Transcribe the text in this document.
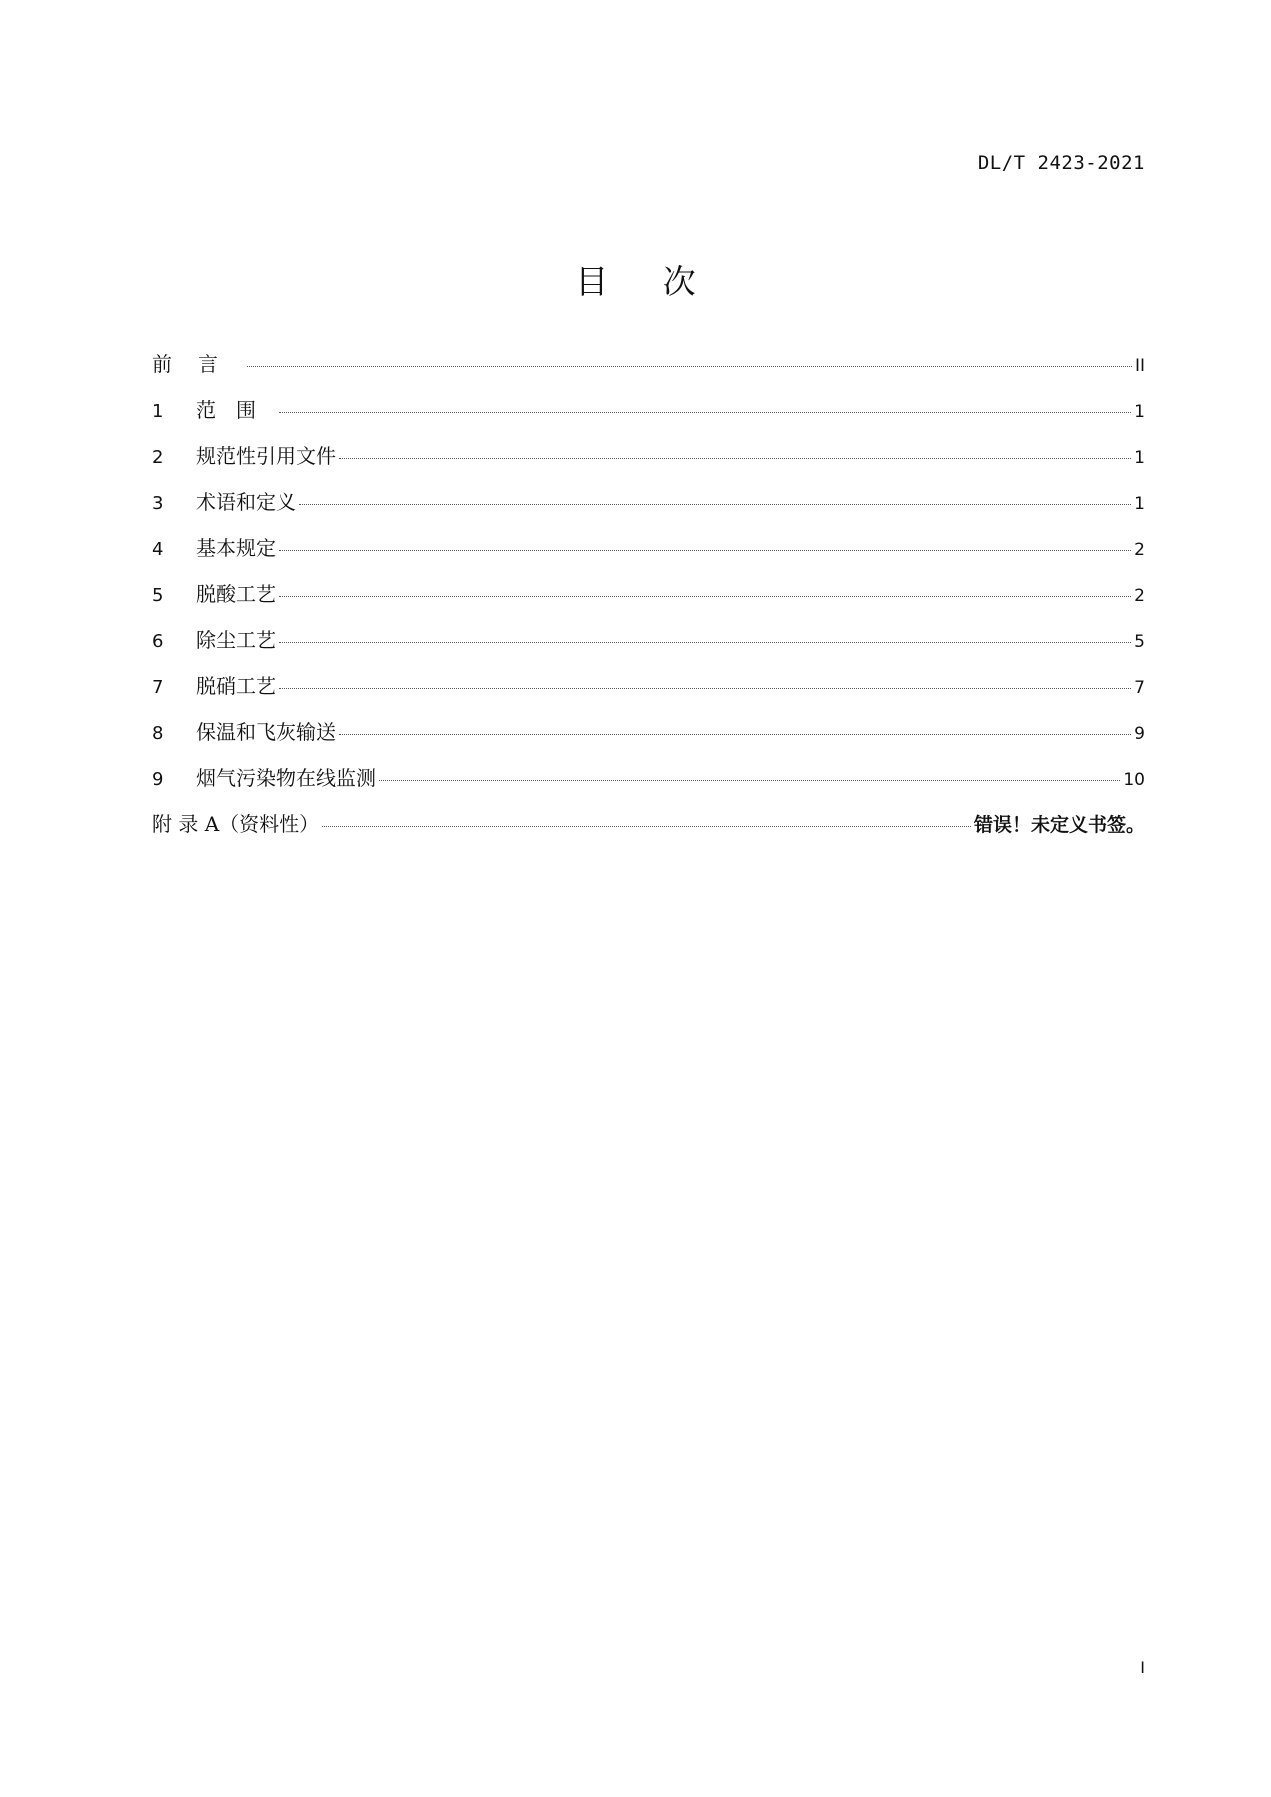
DL/T 2423-2021
目 次
前言	II
1	范围	1
2	规范性引用文件	1
3	术语和定义	1
4	基本规定	2
5	脱酸工艺	2
6	除尘工艺	5
7	脱硝工艺	7
8	保温和飞灰输送	9
9	烟气污染物在线监测	10
附 录 A（资料性）	错误！未定义书签。
I
